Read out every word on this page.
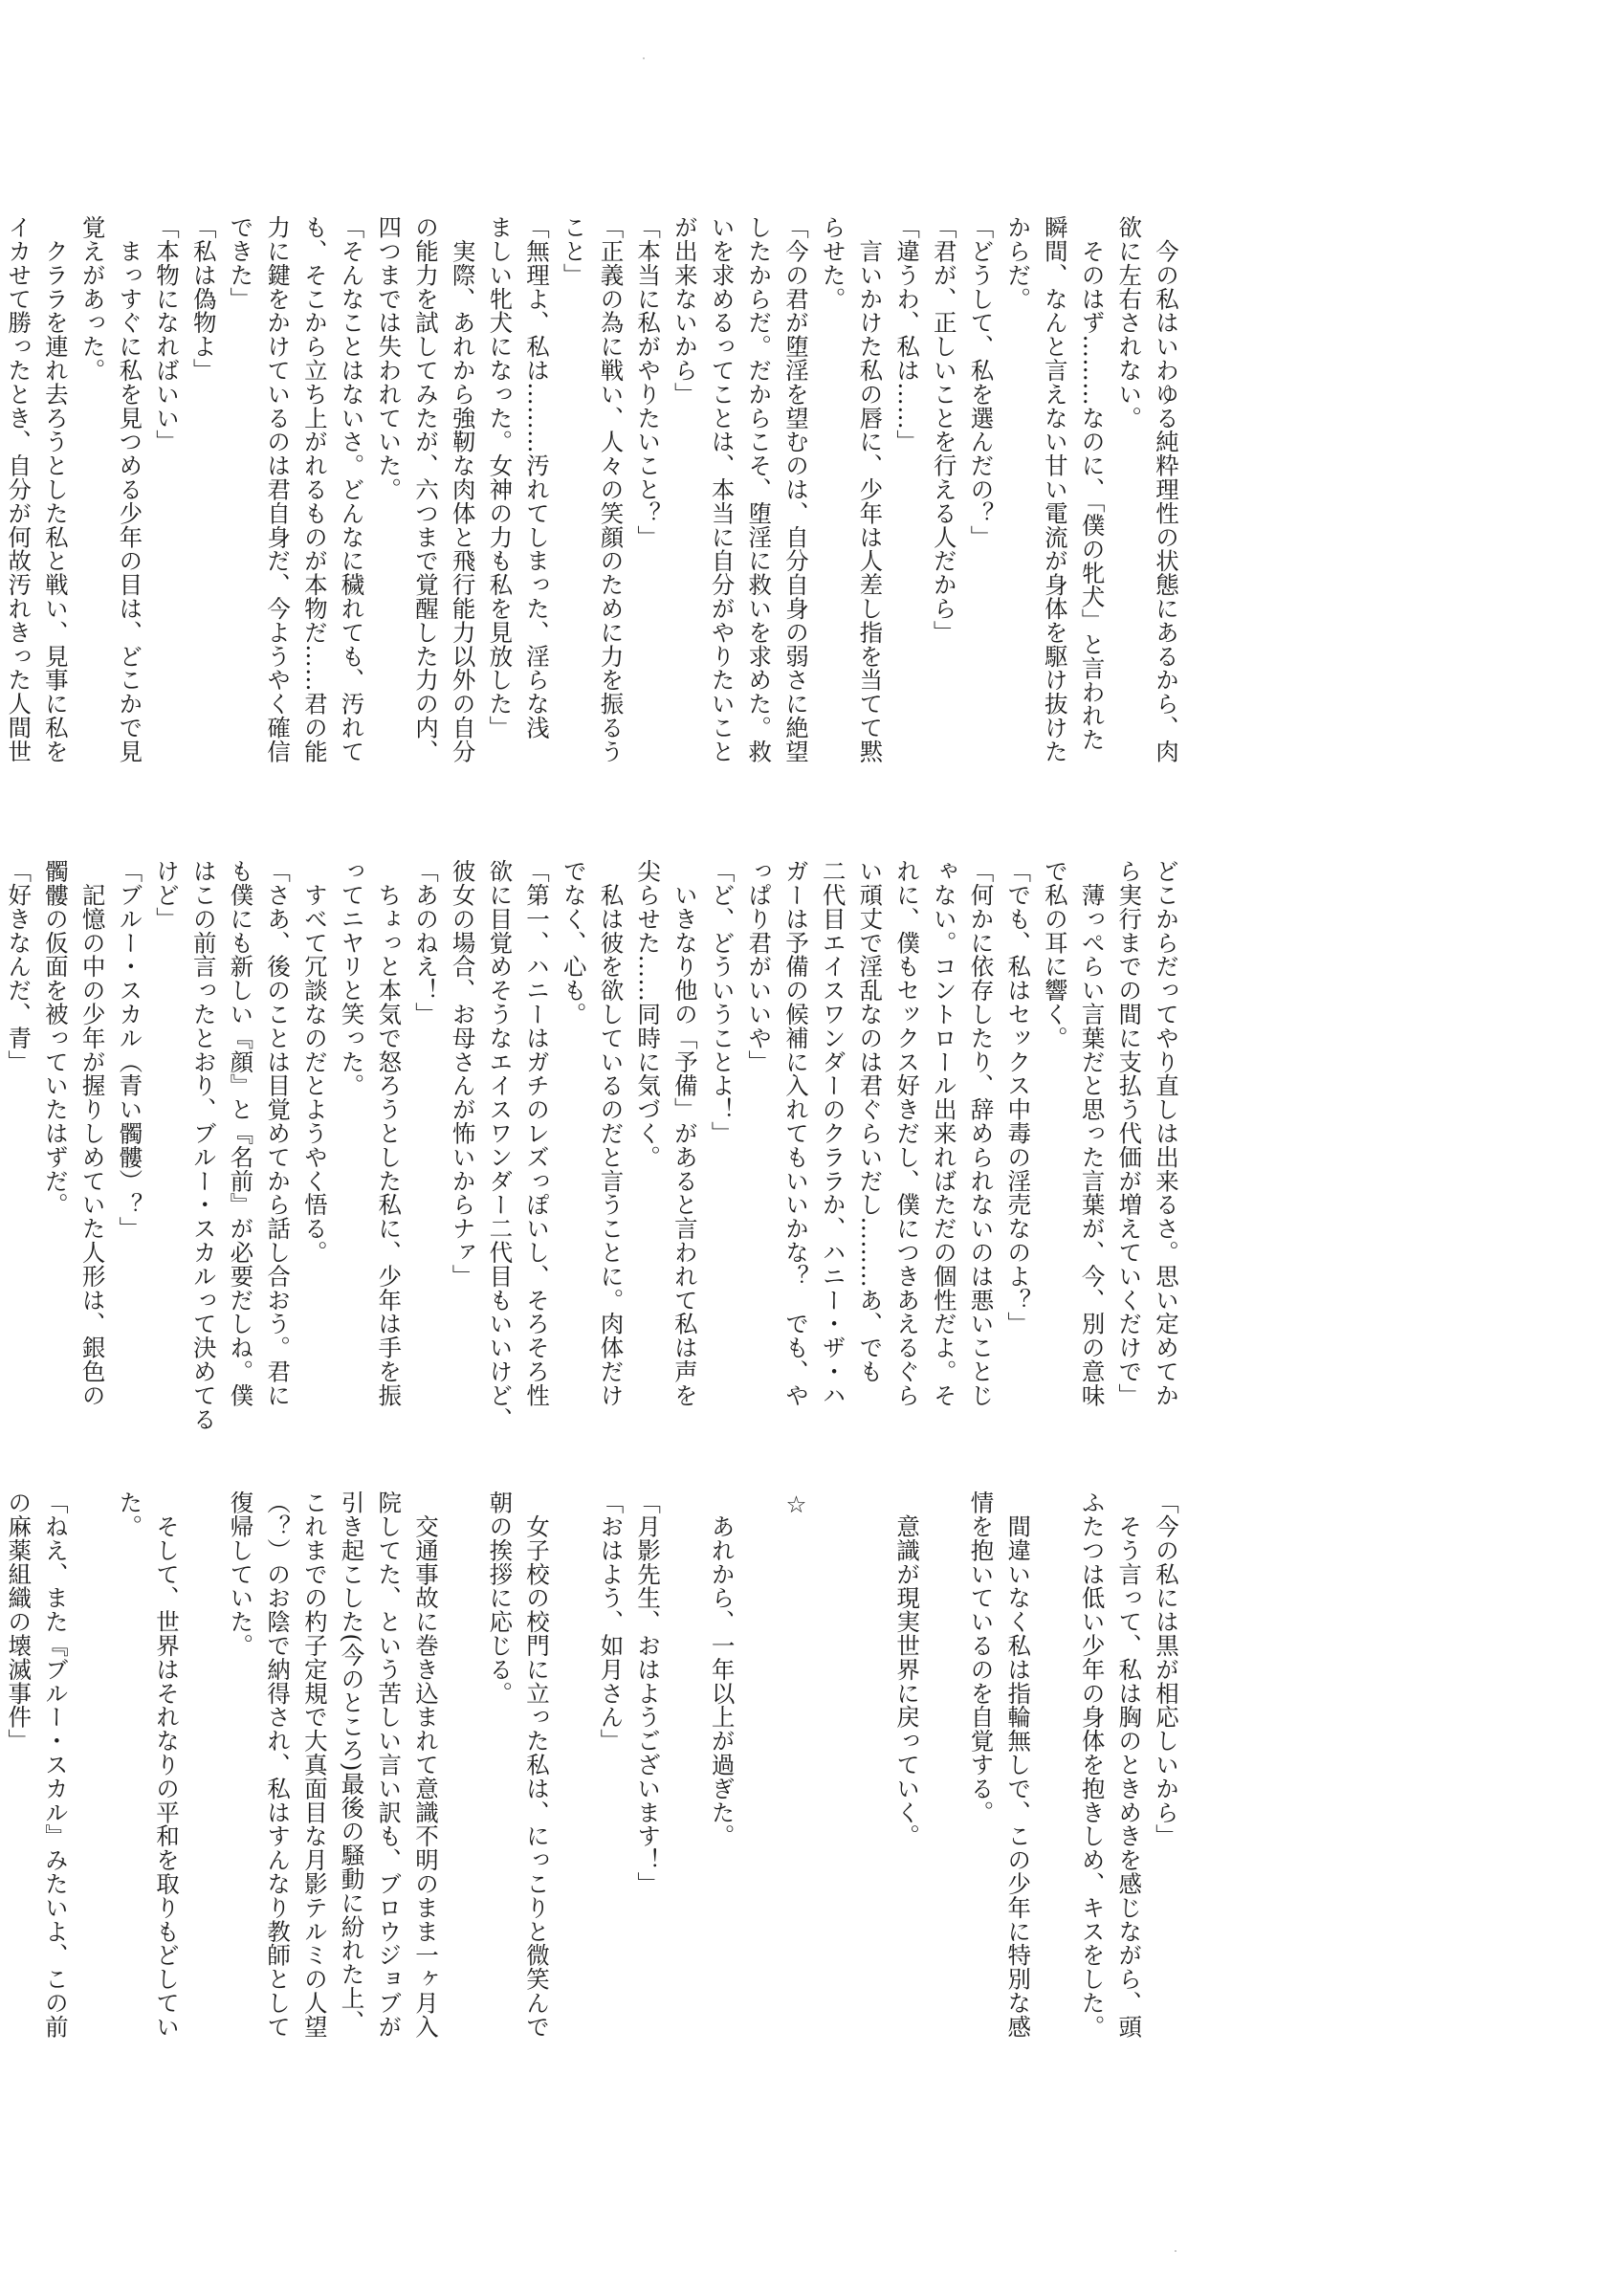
　今の私はいわゆる純粋理性の状態にあるから、肉

欲に左右されない。

　そのはず………なのに、「僕の牝犬」と言われた

瞬間、なんと言えない甘い電流が身体を駆け抜けた

からだ。

「どうして、私を選んだの？」

「君が、正しいことを行える人だから」

「違うわ、私は……」

　言いかけた私の唇に、少年は人差し指を当てて黙

らせた。

「今の君が堕淫を望むのは、自分自身の弱さに絶望

したからだ。だからこそ、堕淫に救いを求めた。救

いを求めるってことは、本当に自分がやりたいこと

が出来ないから」

「本当に私がやりたいこと？」

「正義の為に戦い、人々の笑顔のために力を振るう

こと」

「無理よ、私は………汚れてしまった、淫らな浅

ましい牝犬になった。女神の力も私を見放した」

　実際、あれから強靭な肉体と飛行能力以外の自分

の能力を試してみたが、六つまで覚醒した力の内、

四つまでは失われていた。

「そんなことはないさ。どんなに穢れても、汚れて

も、そこから立ち上がれるものが本物だ……君の能

力に鍵をかけているのは君自身だ、今ようやく確信

できた」

「私は偽物よ」

「本物になればいい」

　まっすぐに私を見つめる少年の目は、どこかで見

覚えがあった。

　クララを連れ去ろうとした私と戦い、見事に私を

イカせて勝ったとき、自分が何故汚れきった人間世

どこからだってやり直しは出来るさ。思い定めてか

ら実行までの間に支払う代価が増えていくだけで」

　薄っぺらい言葉だと思った言葉が、今、別の意味

で私の耳に響く。

「でも、私はセックス中毒の淫売なのよ？」

「何かに依存したり、辞められないのは悪いことじ

ゃない。コントロール出来ればただの個性だよ。そ

れに、僕もセックス好きだし、僕につきあえるぐら

い頑丈で淫乱なのは君ぐらいだし………あ、でも

二代目エイスワンダーのクララか、ハニー・ザ・ハ

ガーは予備の候補に入れてもいいかな？　でも、や

っぱり君がいいや」

「ど、どういうことよ！」

　いきなり他の「予備」があると言われて私は声を

尖らせた……同時に気づく。

　私は彼を欲しているのだと言うことに。肉体だけ

でなく、心も。

「第一、ハニーはガチのレズっぽいし、そろそろ性

欲に目覚めそうなエイスワンダー二代目もいいけど、

彼女の場合、お母さんが怖いからナァ」

「あのねえ！」

　ちょっと本気で怒ろうとした私に、少年は手を振

ってニヤリと笑った。

　すべて冗談なのだとようやく悟る。

「さあ、後のことは目覚めてから話し合おう。君に

も僕にも新しい『顔』と『名前』が必要だしね。僕

はこの前言ったとおり、ブルー・スカルって決めてる

けど」

「ブルー・スカル（青い髑髏）？」

　記憶の中の少年が握りしめていた人形は、銀色の

髑髏の仮面を被っていたはずだ。

「好きなんだ、青」

「今の私には黒が相応しいから」

　そう言って、私は胸のときめきを感じながら、頭

ふたつは低い少年の身体を抱きしめ、キスをした。

　間違いなく私は指輪無しで、この少年に特別な感

情を抱いているのを自覚する。

　意識が現実世界に戻っていく。

☆

　あれから、一年以上が過ぎた。

「月影先生、おはようございます！」

「おはよう、如月さん」

　女子校の校門に立った私は、にっこりと微笑んで

朝の挨拶に応じる。

　交通事故に巻き込まれて意識不明のまま一ヶ月入

院してた、という苦しい言い訳も、ブロウジョブが

引き起こした(今のところ)最後の騒動に紛れた上、

これまでの杓子定規で大真面目な月影テルミの人望

（？）のお陰で納得され、私はすんなり教師として

復帰していた。

　そして、世界はそれなりの平和を取りもどしてい

た。

「ねえ、また『ブルー・スカル』みたいよ、この前

の麻薬組織の壊滅事件」
